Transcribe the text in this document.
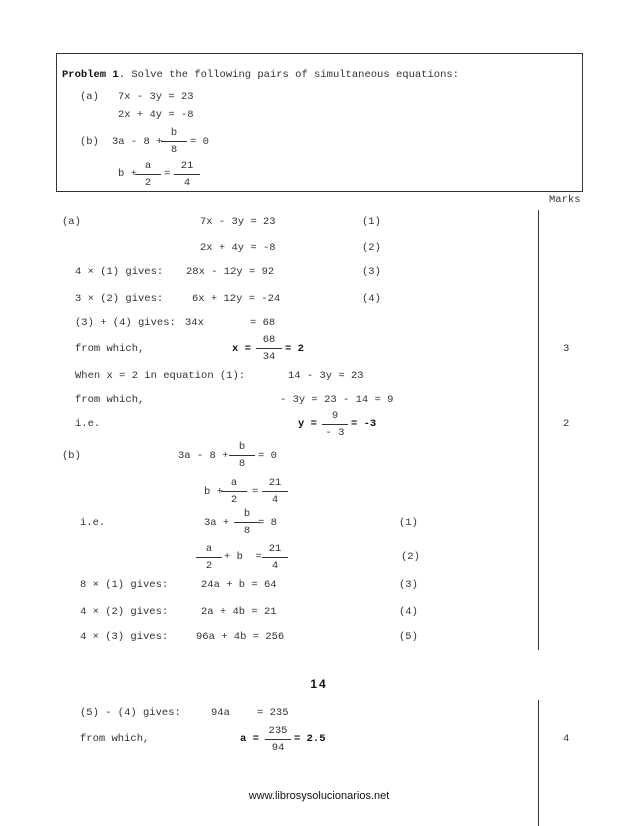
Problem 1. Solve the following pairs of simultaneous equations:
(a) 7x - 3y = 23
2x + 4y = -8
(b) 3a - 8 +
b
8
= 0
b +
a
2
=
21
4
Marks
(a)	7x - 3y = 23	(1)
2x + 4y = -8	(2)
4 × (1) gives: 28x - 12y = 92	(3)
3 × (2) gives:	6x + 12y = -24	(4)
(3) + (4) gives: 34x	= 68
from which,	x =
68
34
= 2	3
When x = 2 in equation (1):	14 - 3y = 23
from which,	- 3y = 23 - 14 = 9
i.e.	y =
9
- 3
= -3	2
(b)	3a - 8 +
b
8
= 0
b +
a
2
=
21
4
i.e.	3a +
b
8
= 8	(1)
a
2
+ b  =
21
4
(2)
8 × (1) gives:	24a + b = 64	(3)
4 × (2) gives:	2a + 4b = 21	(4)
4 × (3) gives:	96a + 4b = 256	(5)
14
(5) - (4) gives:	94a	= 235
from which,	a =
235
94
= 2.5	4
www.librosysolucionarios.net
